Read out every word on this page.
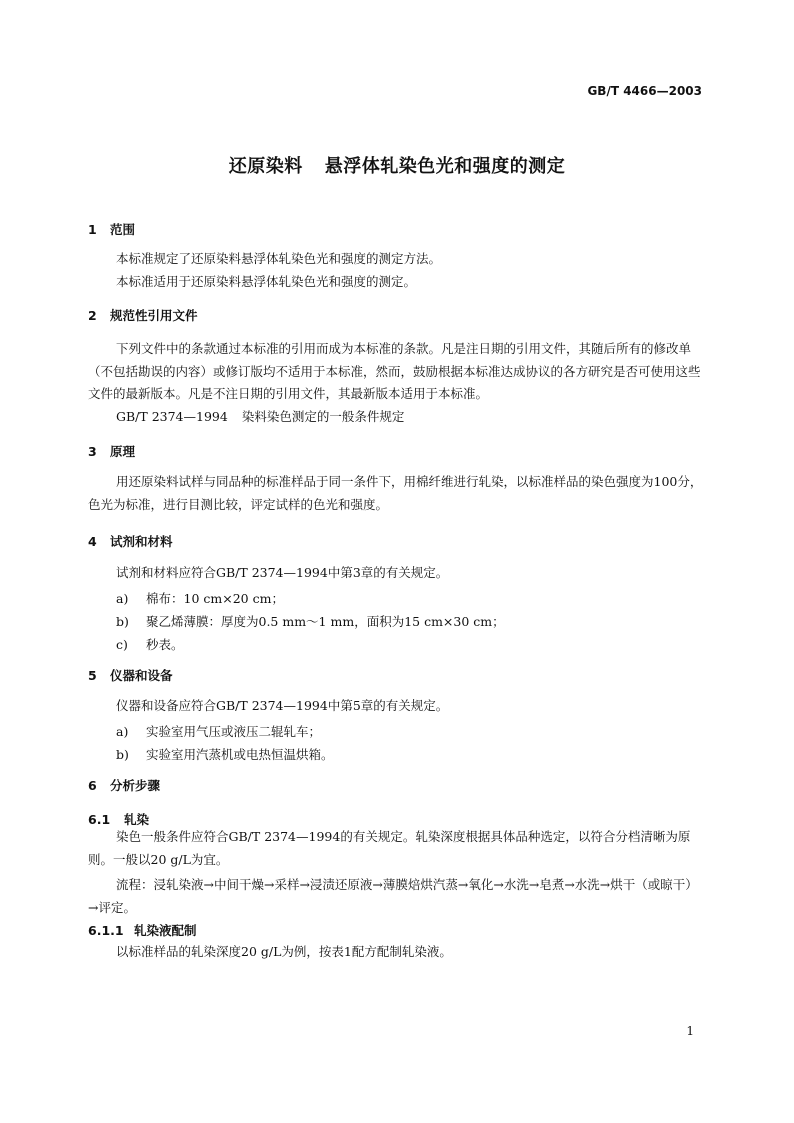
GB/T 4466—2003
还原染料 悬浮体轧染色光和强度的测定
1 范围
本标准规定了还原染料悬浮体轧染色光和强度的测定方法。
本标准适用于还原染料悬浮体轧染色光和强度的测定。
2 规范性引用文件
下列文件中的条款通过本标准的引用而成为本标准的条款。凡是注日期的引用文件，其随后所有的修改单（不包括勘误的内容）或修订版均不适用于本标准，然而，鼓励根据本标准达成协议的各方研究是否可使用这些文件的最新版本。凡是不注日期的引用文件，其最新版本适用于本标准。
GB/T 2374—1994 染料染色测定的一般条件规定
3 原理
用还原染料试样与同品种的标准样品于同一条件下，用棉纤维进行轧染，以标准样品的染色强度为100分，色光为标准，进行目测比较，评定试样的色光和强度。
4 试剂和材料
试剂和材料应符合GB/T 2374—1994中第3章的有关规定。
a) 棉布：10 cm×20 cm；
b) 聚乙烯薄膜：厚度为0.5 mm～1 mm，面积为15 cm×30 cm；
c) 秒表。
5 仪器和设备
仪器和设备应符合GB/T 2374—1994中第5章的有关规定。
a) 实验室用气压或液压二辊轧车；
b) 实验室用汽蒸机或电热恒温烘箱。
6 分析步骤
6.1 轧染
染色一般条件应符合GB/T 2374—1994的有关规定。轧染深度根据具体品种选定，以符合分档清晰为原则。一般以20 g/L为宜。
流程：浸轧染液→中间干燥→采样→浸渍还原液→薄膜焙烘汽蒸→氧化→水洗→皂煮→水洗→烘干（或晾干）→评定。
6.1.1 轧染液配制
以标准样品的轧染深度20 g/L为例，按表1配方配制轧染液。
1
